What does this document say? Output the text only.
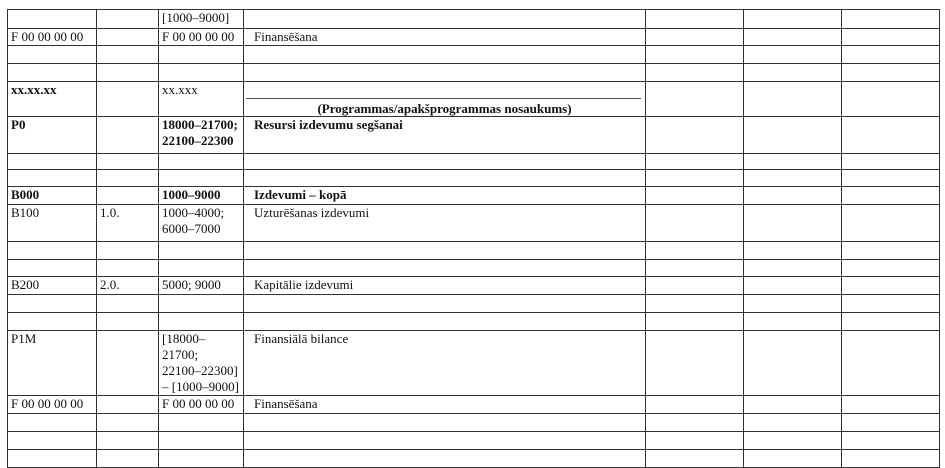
		[1000–9000]				
F 00 00 00 00		F 00 00 00 00	Finansēšana			

xx.xx.xx		xx.xxx	(Programmas/apakšprogrammas nosaukums)			

P0		18000–21700; 22100–22300	Resursi izdevumu segšanai			

B000		1000–9000	Izdevumi – kopā			
B100	1.0.	1000–4000; 6000–7000	Uzturēšanas izdevumi			

B200	2.0.	5000; 9000	Kapitālie izdevumi			

P1M		[18000–21700; 22100–22300] – [1000–9000]	Finansiālā bilance			
F 00 00 00 00		F 00 00 00 00	Finansēšana			
